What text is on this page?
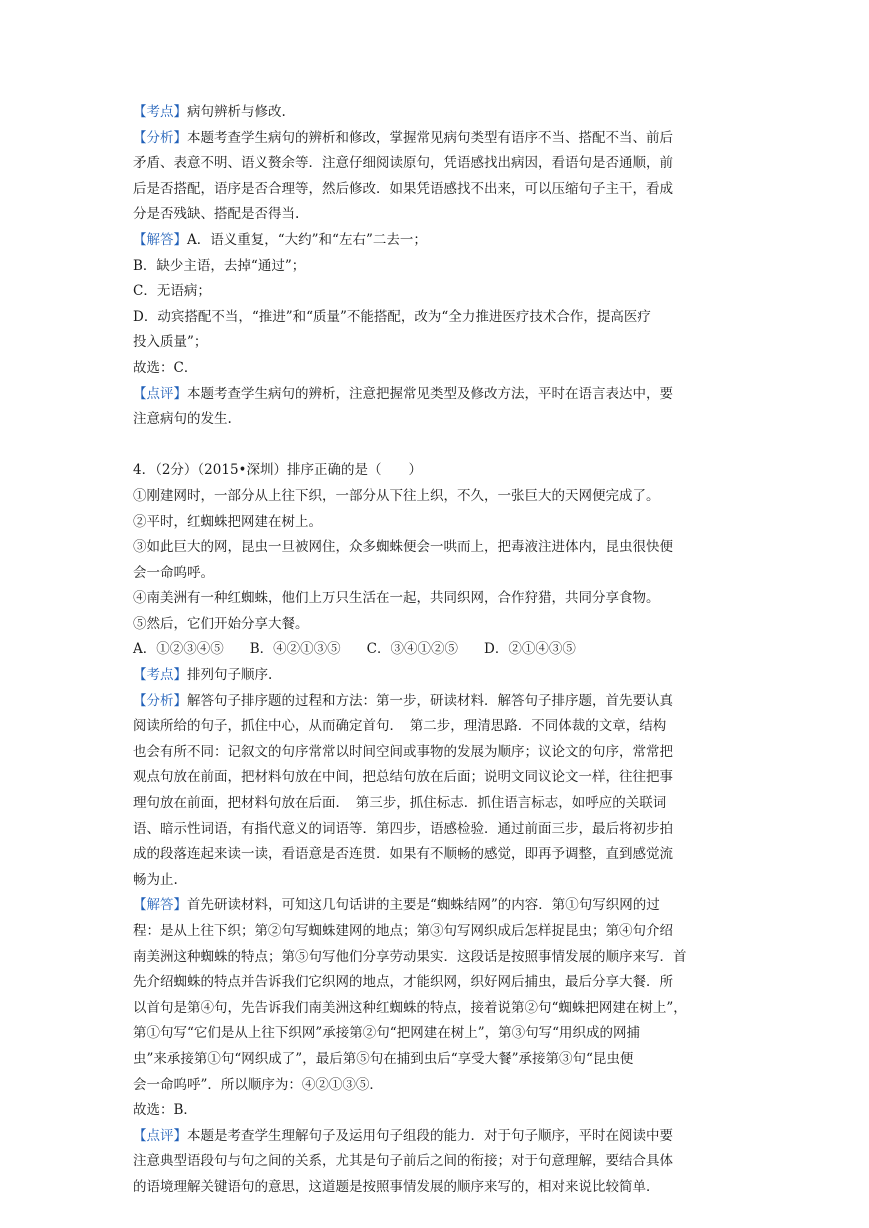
【考点】病句辨析与修改.
【分析】本题考查学生病句的辨析和修改，掌握常见病句类型有语序不当、搭配不当、前后
矛盾、表意不明、语义赘余等．注意仔细阅读原句，凭语感找出病因，看语句是否通顺，前
后是否搭配，语序是否合理等，然后修改．如果凭语感找不出来，可以压缩句子主干，看成
分是否残缺、搭配是否得当.
【解答】A．语义重复，“大约”和“左右”二去一；
B．缺少主语，去掉“通过”；
C．无语病；
D．动宾搭配不当，“推进”和“质量”不能搭配，改为“全力推进医疗技术合作，提高医疗
投入质量”；
故选：C．
【点评】本题考查学生病句的辨析，注意把握常见类型及修改方法，平时在语言表达中，要
注意病句的发生.
4．（2分）（2015•深圳）排序正确的是（　　）
①刚建网时，一部分从上往下织，一部分从下往上织，不久，一张巨大的天网便完成了。
②平时，红蜘蛛把网建在树上。
③如此巨大的网，昆虫一旦被网住，众多蜘蛛便会一哄而上，把毒液注进体内，昆虫很快便
会一命呜呼。
④南美洲有一种红蜘蛛，他们上万只生活在一起，共同织网，合作狩猎，共同分享食物。
⑤然后，它们开始分享大餐。
A．①②③④⑤ B．④②①③⑤ C．③④①②⑤ D．②①④③⑤
【考点】排列句子顺序.
【分析】解答句子排序题的过程和方法：第一步，研读材料．解答句子排序题，首先要认真
阅读所给的句子，抓住中心，从而确定首句．　第二步，理清思路．不同体裁的文章，结构
也会有所不同：记叙文的句序常常以时间空间或事物的发展为顺序；议论文的句序，常常把
观点句放在前面，把材料句放在中间，把总结句放在后面；说明文同议论文一样，往往把事
理句放在前面，把材料句放在后面．　第三步，抓住标志．抓住语言标志，如呼应的关联词
语、暗示性词语，有指代意义的词语等．第四步，语感检验．通过前面三步，最后将初步拍
成的段落连起来读一读，看语意是否连贯．如果有不顺畅的感觉，即再予调整，直到感觉流
畅为止.
【解答】首先研读材料，可知这几句话讲的主要是“蜘蛛结网”的内容．第①句写织网的过
程：是从上往下织；第②句写蜘蛛建网的地点；第③句写网织成后怎样捉昆虫；第④句介绍
南美洲这种蜘蛛的特点；第⑤句写他们分享劳动果实．这段话是按照事情发展的顺序来写．首
先介绍蜘蛛的特点并告诉我们它织网的地点，才能织网，织好网后捕虫，最后分享大餐．所
以首句是第④句，先告诉我们南美洲这种红蜘蛛的特点，接着说第②句“蜘蛛把网建在树上”，
第①句写“它们是从上往下织网”承接第②句“把网建在树上”，第③句写“用织成的网捕
虫”来承接第①句“网织成了”，最后第⑤句在捕到虫后“享受大餐”承接第③句“昆虫便
会一命呜呼”．所以顺序为：④②①③⑤．
故选：B．
【点评】本题是考查学生理解句子及运用句子组段的能力．对于句子顺序，平时在阅读中要
注意典型语段句与句之间的关系，尤其是句子前后之间的衔接；对于句意理解，要结合具体
的语境理解关键语句的意思，这道题是按照事情发展的顺序来写的，相对来说比较简单．
